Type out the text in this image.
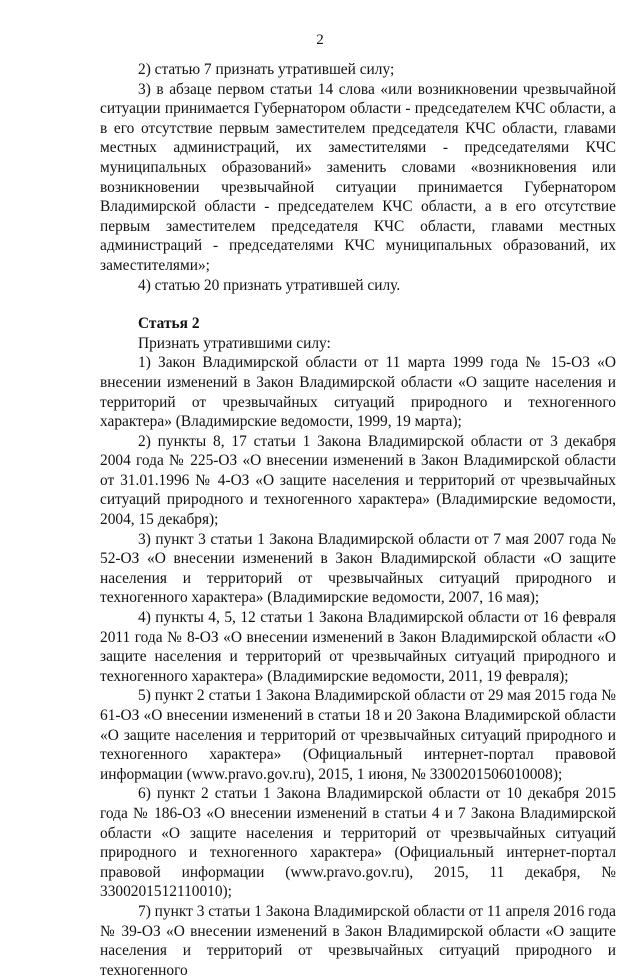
2

2) статью 7 признать утратившей силу;

3) в абзаце первом статьи 14 слова «или возникновении чрезвычайной ситуации принимается Губернатором области - председателем КЧС области, а в его отсутствие первым заместителем председателя КЧС области, главами местных администраций, их заместителями - председателями КЧС муниципальных образований» заменить словами «возникновения или возникновении чрезвычайной ситуации принимается Губернатором Владимирской области - председателем КЧС области, а в его отсутствие первым заместителем председателя КЧС области, главами местных администраций - председателями КЧС муниципальных образований, их заместителями»;

4) статью 20 признать утратившей силу.

Статья 2

Признать утратившими силу:

1) Закон Владимирской области от 11 марта 1999 года № 15-ОЗ «О внесении изменений в Закон Владимирской области «О защите населения и территорий от чрезвычайных ситуаций природного и техногенного характера» (Владимирские ведомости, 1999, 19 марта);

2) пункты 8, 17 статьи 1 Закона Владимирской области от 3 декабря 2004 года № 225-ОЗ «О внесении изменений в Закон Владимирской области от 31.01.1996 № 4-ОЗ «О защите населения и территорий от чрезвычайных ситуаций природного и техногенного характера» (Владимирские ведомости, 2004, 15 декабря);

3) пункт 3 статьи 1 Закона Владимирской области от 7 мая 2007 года № 52-ОЗ «О внесении изменений в Закон Владимирской области «О защите населения и территорий от чрезвычайных ситуаций природного и техногенного характера» (Владимирские ведомости, 2007, 16 мая);

4) пункты 4, 5, 12 статьи 1 Закона Владимирской области от 16 февраля 2011 года № 8-ОЗ «О внесении изменений в Закон Владимирской области «О защите населения и территорий от чрезвычайных ситуаций природного и техногенного характера» (Владимирские ведомости, 2011, 19 февраля);

5) пункт 2 статьи 1 Закона Владимирской области от 29 мая 2015 года № 61-ОЗ «О внесении изменений в статьи 18 и 20 Закона Владимирской области «О защите населения и территорий от чрезвычайных ситуаций природного и техногенного характера» (Официальный интернет-портал правовой информации (www.pravo.gov.ru), 2015, 1 июня, № 3300201506010008);

6) пункт 2 статьи 1 Закона Владимирской области от 10 декабря 2015 года № 186-ОЗ «О внесении изменений в статьи 4 и 7 Закона Владимирской области «О защите населения и территорий от чрезвычайных ситуаций природного и техногенного характера» (Официальный интернет-портал правовой информации (www.pravo.gov.ru), 2015, 11 декабря, № 3300201512110010);

7) пункт 3 статьи 1 Закона Владимирской области от 11 апреля 2016 года № 39-ОЗ «О внесении изменений в Закон Владимирской области «О защите населения и территорий от чрезвычайных ситуаций природного и техногенного
